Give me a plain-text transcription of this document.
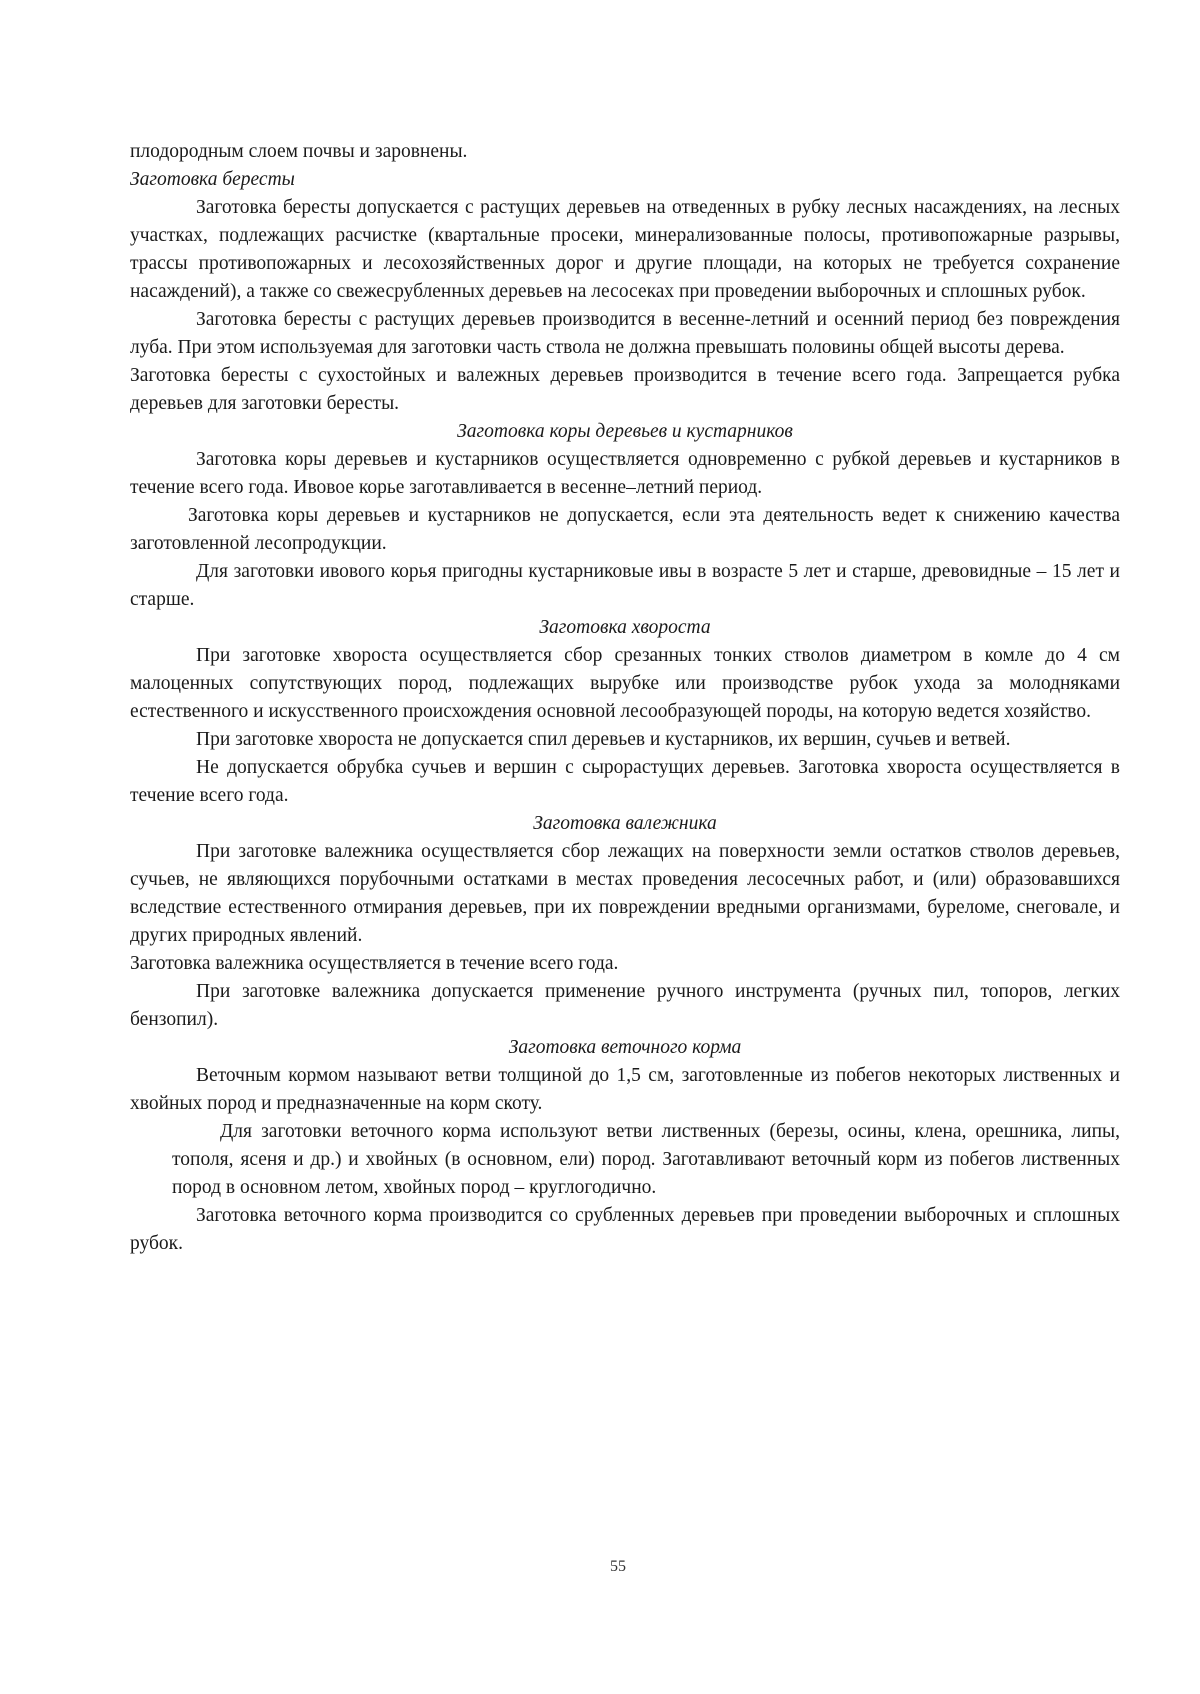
плодородным слоем почвы и заровнены.

Заготовка бересты

Заготовка бересты допускается с растущих деревьев на отведенных в рубку лесных насаждениях, на лесных участках, подлежащих расчистке (квартальные просеки, минерализованные полосы, противопожарные разрывы, трассы противопожарных и лесохозяйственных дорог и другие площади, на которых не требуется сохранение насаждений), а также со свежесрубленных деревьев на лесосеках при проведении выборочных и сплошных рубок.

Заготовка бересты с растущих деревьев производится в весенне-летний и осенний период без повреждения луба. При этом используемая для заготовки часть ствола не должна превышать половины общей высоты дерева.

Заготовка бересты с сухостойных и валежных деревьев производится в течение всего года. Запрещается рубка деревьев для заготовки бересты.

Заготовка коры деревьев и кустарников

Заготовка коры деревьев и кустарников осуществляется одновременно с рубкой деревьев и кустарников в течение всего года. Ивовое корье заготавливается в весенне–летний период.

Заготовка коры деревьев и кустарников не допускается, если эта деятельность ведет к снижению качества заготовленной лесопродукции.

Для заготовки ивового корья пригодны кустарниковые ивы в возрасте 5 лет и старше, древовидные – 15 лет и старше.

Заготовка хвороста

При заготовке хвороста осуществляется сбор срезанных тонких стволов диаметром в комле до 4 см малоценных сопутствующих пород, подлежащих вырубке или производстве рубок ухода за молодняками естественного и искусственного происхождения основной лесообразующей породы, на которую ведется хозяйство.

При заготовке хвороста не допускается спил деревьев и кустарников, их вершин, сучьев и ветвей.

Не допускается обрубка сучьев и вершин с сырорастущих деревьев. Заготовка хвороста осуществляется в течение всего года.

Заготовка валежника

При заготовке валежника осуществляется сбор лежащих на поверхности земли остатков стволов деревьев, сучьев, не являющихся порубочными остатками в местах проведения лесосечных работ, и (или) образовавшихся вследствие естественного отмирания деревьев, при их повреждении вредными организмами, буреломе, снеговале, и других природных явлений.

Заготовка валежника осуществляется в течение всего года.

При заготовке валежника допускается применение ручного инструмента (ручных пил, топоров, легких бензопил).

Заготовка веточного корма

Веточным кормом называют ветви толщиной до 1,5 см, заготовленные из побегов некоторых лиственных и хвойных пород и предназначенные на корм скоту.

Для заготовки веточного корма используют ветви лиственных (березы, осины, клена, орешника, липы, тополя, ясеня и др.) и хвойных (в основном, ели) пород. Заготавливают веточный корм из побегов лиственных пород в основном летом, хвойных пород – круглогодично.

Заготовка веточного корма производится со срубленных деревьев при проведении выборочных и сплошных рубок.

55
